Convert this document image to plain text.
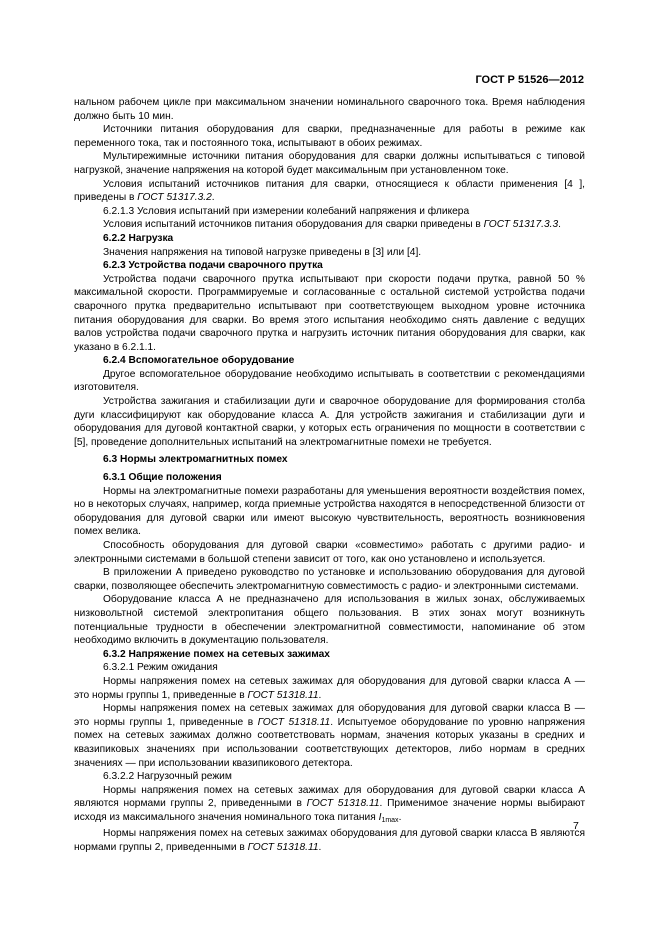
ГОСТ Р 51526—2012

нальном рабочем цикле при максимальном значении номинального сварочного тока. Время наблюдения должно быть 10 мин.

Источники питания оборудования для сварки, предназначенные для работы в режиме как переменного тока, так и постоянного тока, испытывают в обоих режимах.

Мультирежимные источники питания оборудования для сварки должны испытываться с типовой нагрузкой, значение напряжения на которой будет максимальным при установленном токе.

Условия испытаний источников питания для сварки, относящиеся к области применения [4 ], приведены в ГОСТ 51317.3.2.

6.2.1.3 Условия испытаний при измерении колебаний напряжения и фликера

Условия испытаний источников питания оборудования для сварки приведены в ГОСТ 51317.3.3.

6.2.2 Нагрузка

Значения напряжения на типовой нагрузке приведены в [3] или [4].

6.2.3 Устройства подачи сварочного прутка

Устройства подачи сварочного прутка испытывают при скорости подачи прутка, равной 50 % максимальной скорости. Программируемые и согласованные с остальной системой устройства подачи сварочного прутка предварительно испытывают при соответствующем выходном уровне источника питания оборудования для сварки. Во время этого испытания необходимо снять давление с ведущих валов устройства подачи сварочного прутка и нагрузить источник питания оборудования для сварки, как указано в 6.2.1.1.

6.2.4 Вспомогательное оборудование

Другое вспомогательное оборудование необходимо испытывать в соответствии с рекомендациями изготовителя.

Устройства зажигания и стабилизации дуги и сварочное оборудование для формирования столба дуги классифицируют как оборудование класса А. Для устройств зажигания и стабилизации дуги и оборудования для дуговой контактной сварки, у которых есть ограничения по мощности в соответствии с [5], проведение дополнительных испытаний на электромагнитные помехи не требуется.

6.3 Нормы электромагнитных помех

6.3.1 Общие положения

Нормы на электромагнитные помехи разработаны для уменьшения вероятности воздействия помех, но в некоторых случаях, например, когда приемные устройства находятся в непосредственной близости от оборудования для дуговой сварки или имеют высокую чувствительность, вероятность возникновения помех велика.

Способность оборудования для дуговой сварки «совместимо» работать с другими радио- и электронными системами в большой степени зависит от того, как оно установлено и используется.

В приложении А приведено руководство по установке и использованию оборудования для дуговой сварки, позволяющее обеспечить электромагнитную совместимость с радио- и электронными системами.

Оборудование класса А не предназначено для использования в жилых зонах, обслуживаемых низковольтной системой электропитания общего пользования. В этих зонах могут возникнуть потенциальные трудности в обеспечении электромагнитной совместимости, напоминание об этом необходимо включить в документацию пользователя.

6.3.2 Напряжение помех на сетевых зажимах

6.3.2.1 Режим ожидания

Нормы напряжения помех на сетевых зажимах для оборудования для дуговой сварки класса А — это нормы группы 1, приведенные в ГОСТ 51318.11.

Нормы напряжения помех на сетевых зажимах для оборудования для дуговой сварки класса В — это нормы группы 1, приведенные в ГОСТ 51318.11. Испытуемое оборудование по уровню напряжения помех на сетевых зажимах должно соответствовать нормам, значения которых указаны в средних и квазипиковых значениях при использовании соответствующих детекторов, либо нормам в средних значениях — при использовании квазипикового детектора.

6.3.2.2 Нагрузочный режим

Нормы напряжения помех на сетевых зажимах для оборудования для дуговой сварки класса А являются нормами группы 2, приведенными в ГОСТ 51318.11. Применимое значение нормы выбирают исходя из максимального значения номинального тока питания $I_{1max}$.

Нормы напряжения помех на сетевых зажимах оборудования для дуговой сварки класса В являются нормами группы 2, приведенными в ГОСТ 51318.11.

7
